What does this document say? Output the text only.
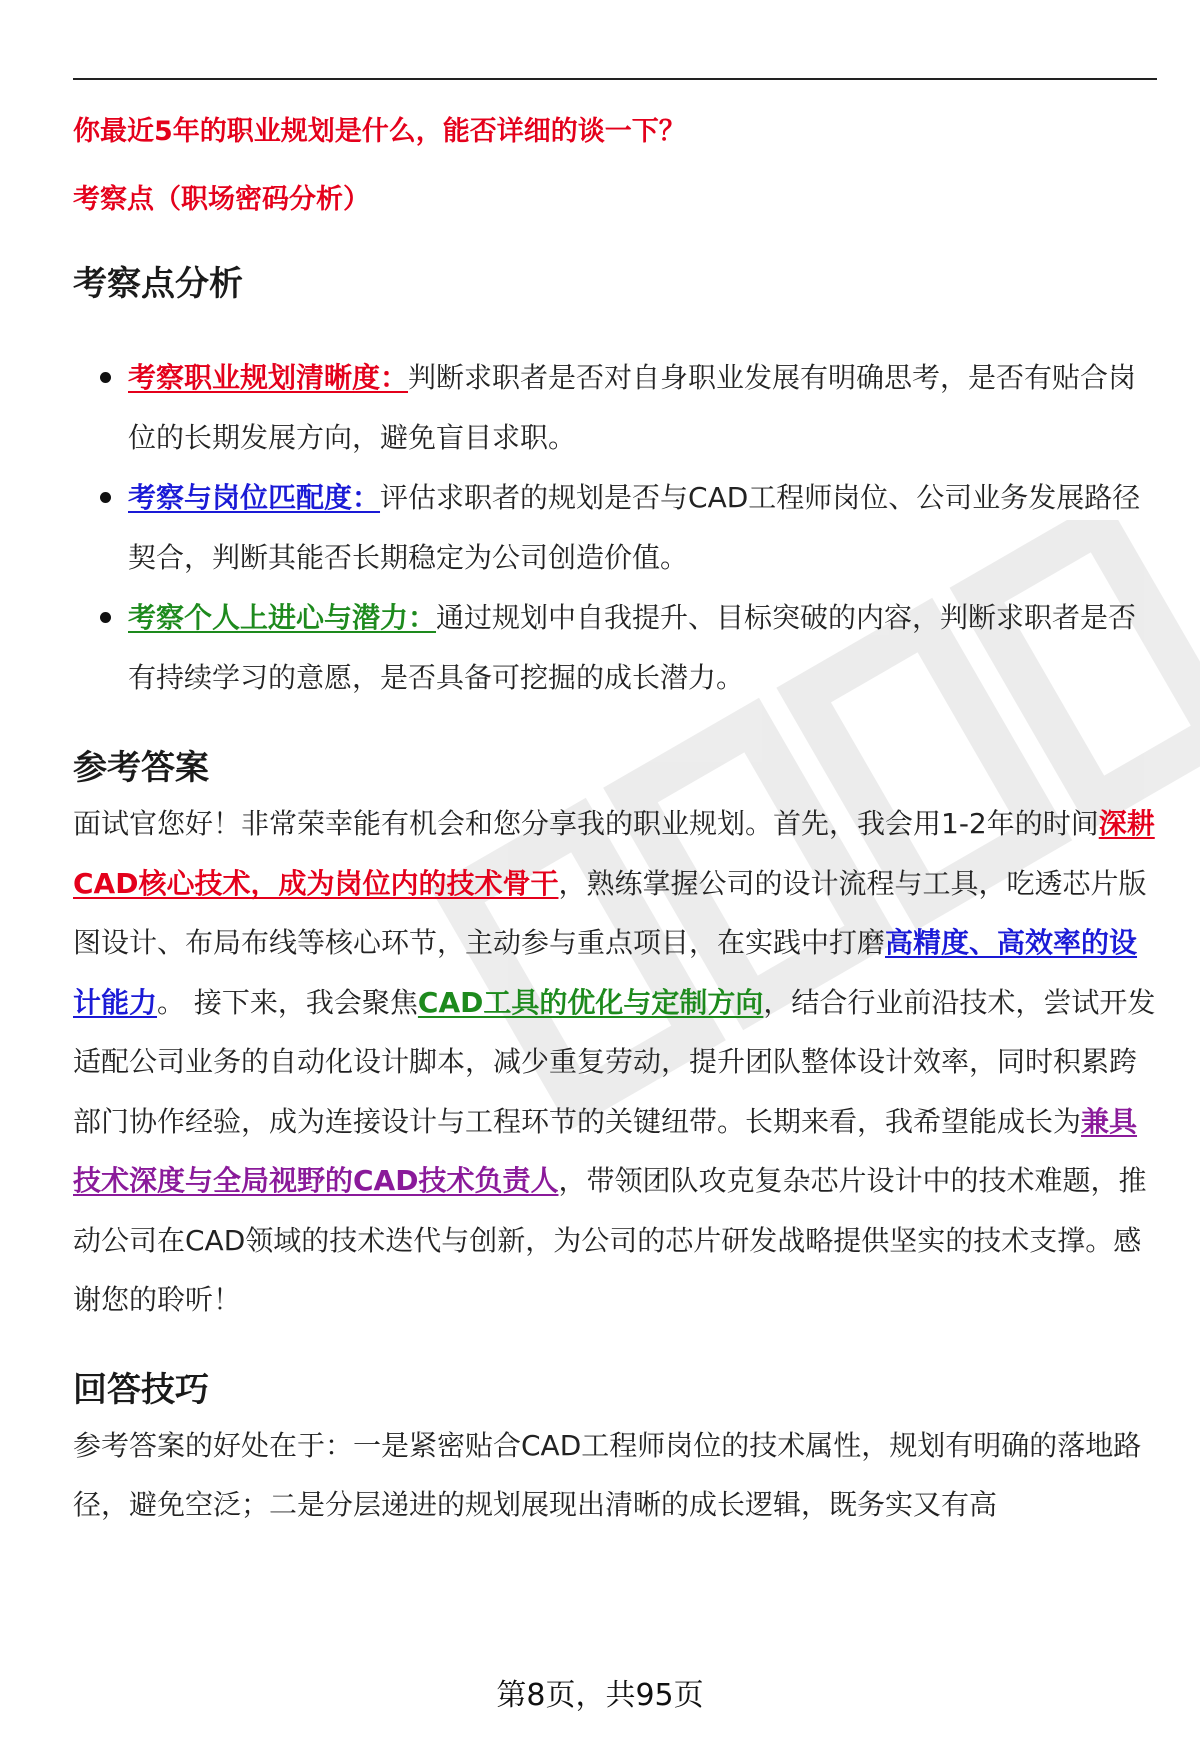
你最近5年的职业规划是什么，能否详细的谈一下？

考察点（职场密码分析）

考察点分析
考察职业规划清晰度：判断求职者是否对自身职业发展有明确思考，是否有贴合岗位的长期发展方向，避免盲目求职。
考察与岗位匹配度：评估求职者的规划是否与CAD工程师岗位、公司业务发展路径契合，判断其能否长期稳定为公司创造价值。
考察个人上进心与潜力：通过规划中自我提升、目标突破的内容，判断求职者是否有持续学习的意愿，是否具备可挖掘的成长潜力。
参考答案

面试官您好！非常荣幸能有机会和您分享我的职业规划。首先，我会用1-2年的时间深耕CAD核心技术，成为岗位内的技术骨干，熟练掌握公司的设计流程与工具，吃透芯片版图设计、布局布线等核心环节，主动参与重点项目，在实践中打磨高精度、高效率的设计能力。 接下来，我会聚焦CAD工具的优化与定制方向，结合行业前沿技术，尝试开发适配公司业务的自动化设计脚本，减少重复劳动，提升团队整体设计效率，同时积累跨部门协作经验，成为连接设计与工程环节的关键纽带。长期来看，我希望能成长为兼具技术深度与全局视野的CAD技术负责人，带领团队攻克复杂芯片设计中的技术难题，推动公司在CAD领域的技术迭代与创新，为公司的芯片研发战略提供坚实的技术支撑。感谢您的聆听！

回答技巧

参考答案的好处在于：一是紧密贴合CAD工程师岗位的技术属性，规划有明确的落地路径，避免空泛；二是分层递进的规划展现出清晰的成长逻辑，既务实又有高

第8页，共95页
